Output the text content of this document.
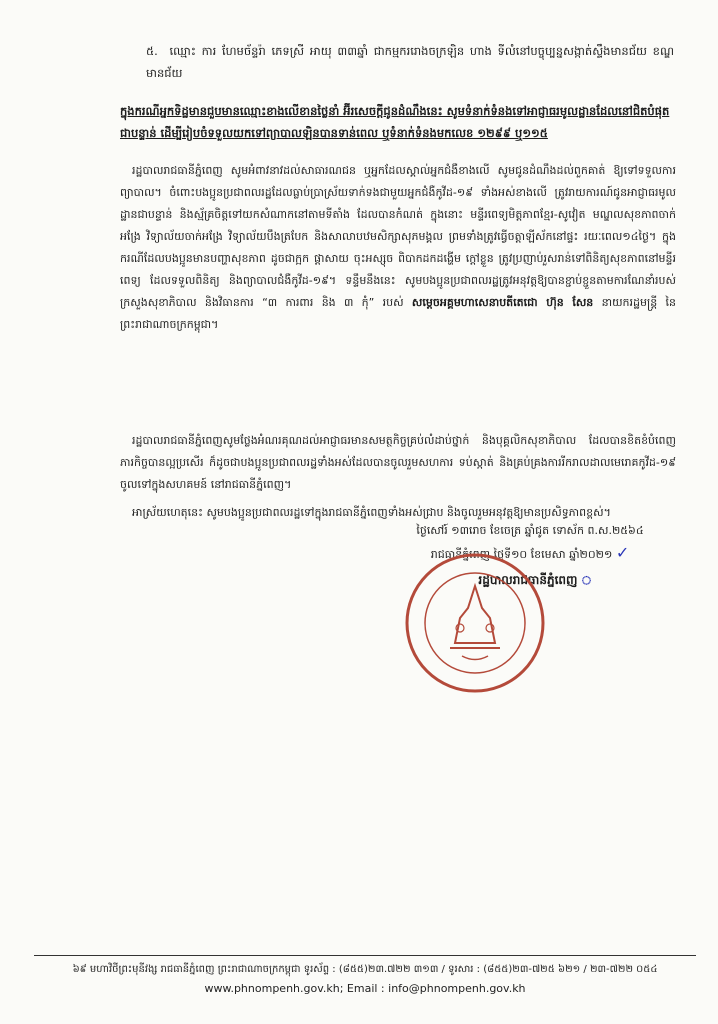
៥. ឈ្មោះ ការ ហែមច័ន្ទរ៉ា ភេទស្រី អាយុ ៣៣ឆ្នាំ ជាកម្មករ‌រោងចក្រ‌ឡិន ហាង ទីលំនៅ‌បច្ចុប្បន្ន‌សង្កាត់‌ស្ទឹងមានជ័យ ខណ្ឌមានជ័យ
ក្នុងករណីអ្នកទិដ្ឋមានជួបមានឈ្មោះខាងលើ‌ខានថ្លៃ‌នាំ អ៊ីរសេចក្ដីជូនដំណឹងនេះ សូមទំនាក់ទំនងទៅ‌អាជ្ញាធរ‌មូលដ្ឋាន‌ដែលនៅជិតបំផុត ជាបន្ទាន់ ដើម្បីរៀបចំទទួលយកទៅព្យាបាលឡិនបានទាន់ពេល ឬទំនាក់ទំនងមកលេខ ១២៩៩ ឬ១១៥
រដ្ឋបាលរាជធានីភ្នំពេញ សូមអំពាវនាវដល់សាធារណជន ឬអ្នកដែលស្គាល់អ្នកជំងឺខាងលើ សូមជូនដំណឹងដល់ពួកគាត់ ឱ្យទៅទទួលការព្យាបាល។ ចំពោះបងប្អូនប្រជាពលរដ្ឋដែលធ្លាប់ប្រាស្រ័យទាក់ទងជាមួយអ្នកជំងឺកូវីដ-១៩ ទាំងអស់ខាងលើ ត្រូវរាយការណ៍ជូនអាជ្ញាធរមូលដ្ឋានជាបន្ទាន់ និងស្ម័គ្រចិត្តទៅយកសំណាកនៅតាមទីតាំង ដែលបានកំណត់ ក្នុងនោះ មន្ទីរពេទ្យមិត្តភាពខ្មែរ-សូវៀត មណ្ឌលសុខភាពចាក់អង្រែ វិទ្យាល័យចាក់អង្រែ វិទ្យាល័យបឹងត្របែក និងសាលាបឋមសិក្សាសុភមង្គល ព្រមទាំងត្រូវធ្វើចត្តាឡីស័កនៅផ្ទះ រយៈពេល១៤ថ្ងៃ។ ក្នុងករណីដែលបងប្អូនមានបញ្ហាសុខភាព ដូចជាក្អក ផ្ដាសាយ ចុះអស្សុច ពិបាកដកដង្ហើម ក្ដៅខ្លួន ត្រូវប្រញាប់រួសរាន់ទៅពិនិត្យសុខភាពនៅមន្ទីរពេទ្យ ដែលទទួលពិនិត្យ និងព្យាបាលជំងឺកូវីដ-១៩។ ទន្ទឹមនឹងនេះ សូមបងប្អូនប្រជាពលរដ្ឋត្រូវអនុវត្តឱ្យបានខ្ជាប់ខ្ជួនតាមការណែនាំរបស់ក្រសួងសុខាភិបាល និងវិធានការ “៣ ការពារ និង ៣ កុំ” របស់ សម្ដេចអគ្គមហាសេនាបតីតេជោ ហ៊ុន សែន នាយករដ្ឋមន្ត្រី នៃព្រះរាជាណាចក្រកម្ពុជា។
រដ្ឋបាលរាជធានីភ្នំពេញសូមថ្លែងអំណរគុណដល់អាជ្ញាធរមានសមត្ថកិច្ចគ្រប់លំដាប់ថ្នាក់ និងបុគ្គលិកសុខាភិបាល ដែលបានខិតខំបំពេញភារកិច្ចបានល្អប្រសើរ ក៏ដូចជាបងប្អូនប្រជាពលរដ្ឋទាំងអស់ដែលបានចូលរួមសហការ ទប់ស្កាត់ និងគ្រប់គ្រងការរីករាលដាលមេរោគកូវីដ-១៩ ចូលទៅក្នុងសហគមន៍ នៅរាជធានីភ្នំពេញ។
អាស្រ័យហេតុនេះ សូមបងប្អូនប្រជាពលរដ្ឋទៅក្នុងរាជធានីភ្នំពេញទាំងអស់ជ្រាប និងចូលរួមអនុវត្តឱ្យមានប្រសិទ្ធភាពខ្ពស់។
ថ្ងៃសៅរ៍ ១៣រោច ខែចេត្រ ឆ្នាំជូត ទោស័ក ព.ស.២៥៦៤
រាជធានីភ្នំពេញ ថ្ងៃទី១០ ខែមេសា ឆ្នាំ២០២១ ✓
រដ្ឋបាលរាជធានីភ្នំពេញ ᜀ
៦៩ មហាវិថីព្រះមុនីវង្ស រាជធានីភ្នំពេញ ព្រះរាជាណាចក្រកម្ពុជា ទូរស័ព្ទ : (៨៥៥)២៣.៧២២ ៣១៣ / ទូរសារ : (៨៥៥)២៣-៧២៥ ៦២១ / ២៣-៧២២ ០៥៤
www.phnompenh.gov.kh; Email : info@phnompenh.gov.kh
